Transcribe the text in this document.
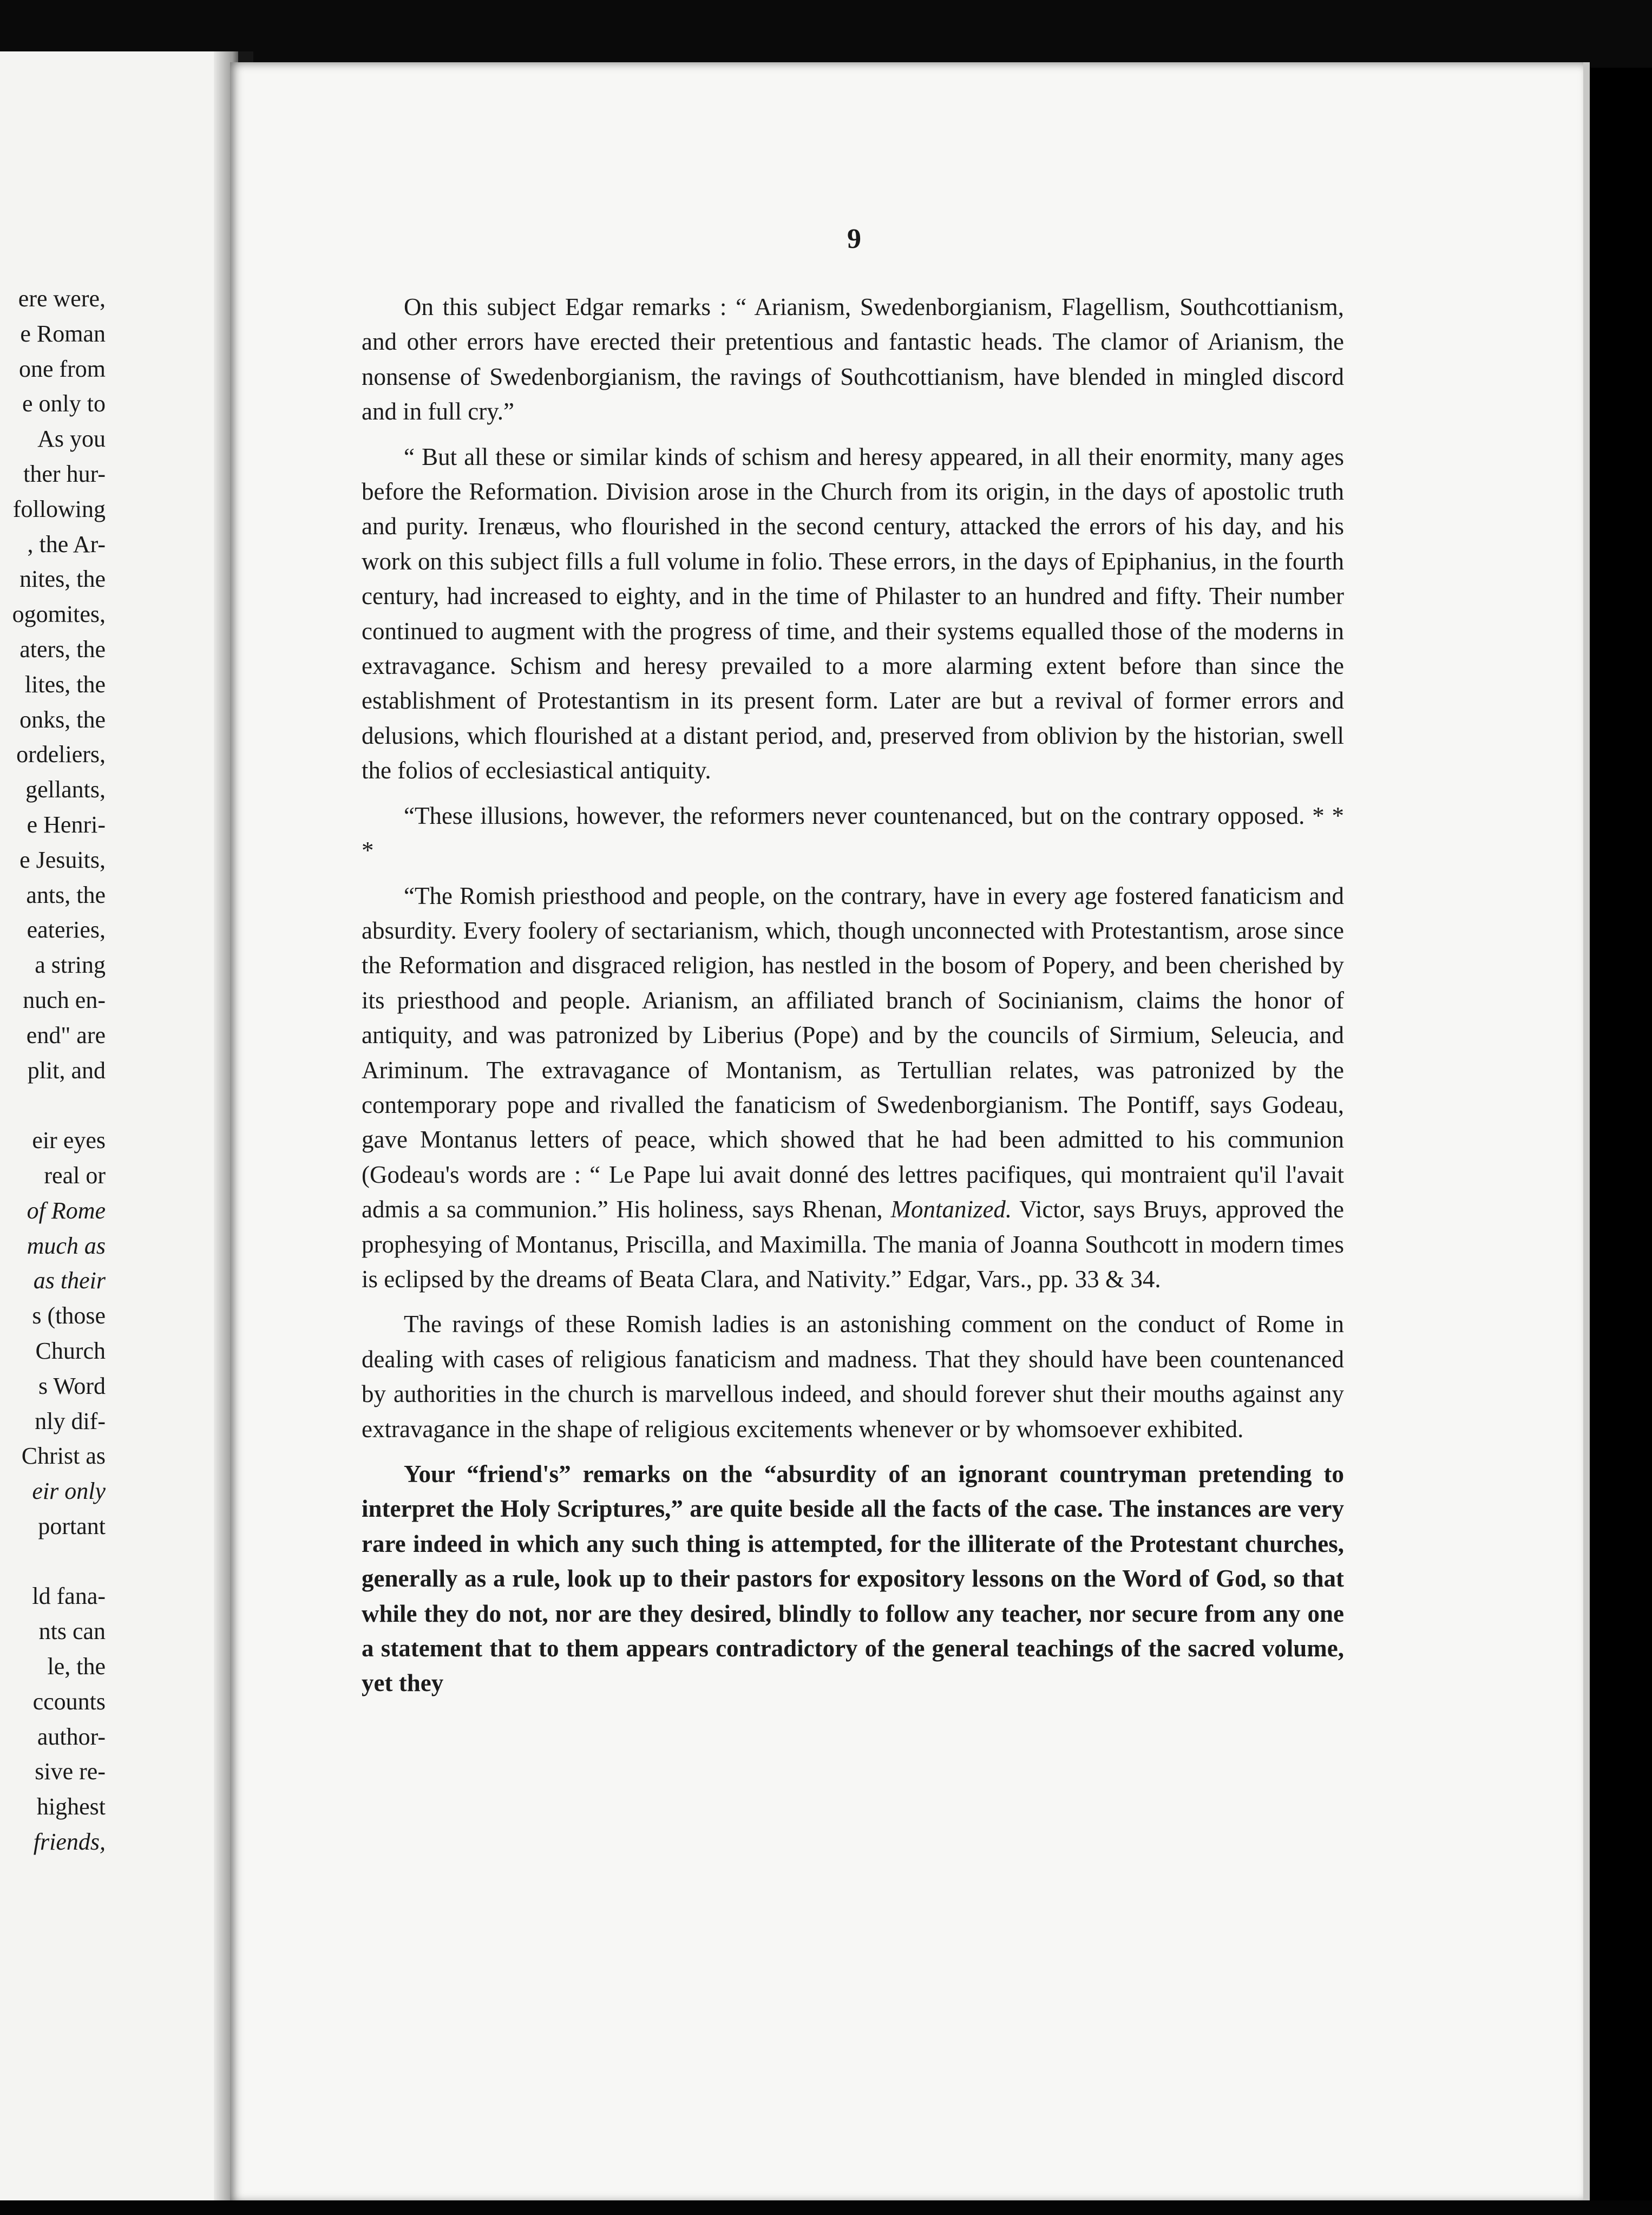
ere were,
e Roman
one from
e only to
As you
ther hur-
following
, the Ar-
nites, the
ogomites,
aters, the
lites, the
onks, the
ordeliers,
gellants,
e Henri-
e Jesuits,
ants, the
eateries,
a string
nuch en-
end" are
plit, and
eir eyes
real or
of Rome
much as
as their
s (those
Church
s Word
nly dif-
Christ as
eir only
portant
ld fana-
nts can
le, the
ccounts
author-
sive re-
highest
friends,
9

On this subject Edgar remarks : “ Arianism, Swedenborgianism, Flagellism, Southcottianism, and other errors have erected their pretentious and fantastic heads. The clamor of Arianism, the nonsense of Swedenborgianism, the ravings of Southcottianism, have blended in mingled discord and in full cry.”

“ But all these or similar kinds of schism and heresy appeared, in all their enormity, many ages before the Reformation. Division arose in the Church from its origin, in the days of apostolic truth and purity. Irenæus, who flourished in the second century, attacked the errors of his day, and his work on this subject fills a full volume in folio. These errors, in the days of Epiphanius, in the fourth century, had increased to eighty, and in the time of Philaster to an hundred and fifty. Their number continued to augment with the progress of time, and their systems equalled those of the moderns in extravagance. Schism and heresy prevailed to a more alarming extent before than since the establishment of Protestantism in its present form. Later are but a revival of former errors and delusions, which flourished at a distant period, and, preserved from oblivion by the historian, swell the folios of ecclesiastical antiquity.

“These illusions, however, the reformers never countenanced, but on the contrary opposed. * * *

“The Romish priesthood and people, on the contrary, have in every age fostered fanaticism and absurdity. Every foolery of sectarianism, which, though unconnected with Protestantism, arose since the Reformation and disgraced religion, has nestled in the bosom of Popery, and been cherished by its priesthood and people. Arianism, an affiliated branch of Socinianism, claims the honor of antiquity, and was patronized by Liberius (Pope) and by the councils of Sirmium, Seleucia, and Ariminum. The extravagance of Montanism, as Tertullian relates, was patronized by the contemporary pope and rivalled the fanaticism of Swedenborgianism. The Pontiff, says Godeau, gave Montanus letters of peace, which showed that he had been admitted to his communion (Godeau's words are : “ Le Pape lui avait donné des lettres pacifiques, qui montraient qu'il l'avait admis a sa communion.” His holiness, says Rhenan, Montanized. Victor, says Bruys, approved the prophesying of Montanus, Priscilla, and Maximilla. The mania of Joanna Southcott in modern times is eclipsed by the dreams of Beata Clara, and Nativity.” Edgar, Vars., pp. 33 & 34.

The ravings of these Romish ladies is an astonishing comment on the conduct of Rome in dealing with cases of religious fanaticism and madness. That they should have been countenanced by authorities in the church is marvellous indeed, and should forever shut their mouths against any extravagance in the shape of religious excitements whenever or by whomsoever exhibited.

Your “friend's” remarks on the “absurdity of an ignorant countryman pretending to interpret the Holy Scriptures,” are quite beside all the facts of the case. The instances are very rare indeed in which any such thing is attempted, for the illiterate of the Protestant churches, generally as a rule, look up to their pastors for expository lessons on the Word of God, so that while they do not, nor are they desired, blindly to follow any teacher, nor secure from any one a statement that to them appears contradictory of the general teachings of the sacred volume, yet they
